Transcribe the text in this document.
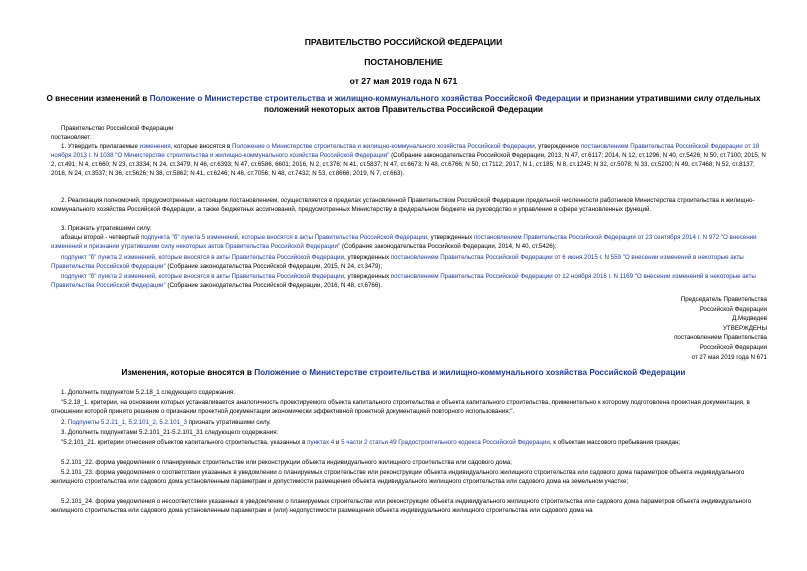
ПРАВИТЕЛЬСТВО РОССИЙСКОЙ ФЕДЕРАЦИИ
ПОСТАНОВЛЕНИЕ
от 27 мая 2019 года N 671
О внесении изменений в Положение о Министерстве строительства и жилищно-коммунального хозяйства Российской Федерации и признании утратившими силу отдельных положений некоторых актов Правительства Российской Федерации
Правительство Российской Федерации
постановляет:
1. Утвердить прилагаемые изменения, которые вносятся в Положение о Министерстве строительства и жилищно-коммунального хозяйства Российской Федерации, утвержденное постановлением Правительства Российской Федерации от 18 ноября 2013 г. N 1038 "О Министерстве строительства и жилищно-коммунального хозяйства Российской Федерации" (Собрание законодательства Российской Федерации, 2013, N 47, ст.6117; 2014, N 12, ст.1296; N 40, ст.5426; N 50, ст.7100; 2015, N 2, ст.491; N 4, ст.660; N 23, ст.3334; N 24, ст.3479; N 46, ст.6393; N 47, ст.6586, 6601; 2016, N 2, ст.376; N 41, ст.5837; N 47, ст.6673; N 48, ст.6766; N 50, ст.7112; 2017, N 1, ст.185; N 8, ст.1245; N 32, ст.5078; N 33, ст.5200; N 49, ст.7468; N 52, ст.8137; 2018, N 24, ст.3537; N 36, ст.5626; N 38, ст.5862; N 41, ст.6246; N 46, ст.7056; N 48, ст.7432; N 53, ст.8666; 2019, N 7, ст.663).
2. Реализация полномочий, предусмотренных настоящим постановлением, осуществляется в пределах установленной Правительством Российской Федерации предельной численности работников Министерства строительства и жилищно-коммунального хозяйства Российской Федерации, а также бюджетных ассигнований, предусмотренных Министерству в федеральном бюджете на руководство и управление в сфере установленных функций.
3. Признать утратившими силу:
абзацы второй - четвертый подпункта "б" пункта 5 изменений, которые вносятся в акты Правительства Российской Федерации, утвержденных постановлением Правительства Российской Федерации от 23 сентября 2014 г. N 972 "О внесении изменений и признании утратившими силу некоторых актов Правительства Российской Федерации" (Собрание законодательства Российской Федерации, 2014, N 40, ст.5426);
подпункт "б" пункта 2 изменений, которые вносятся в акты Правительства Российской Федерации, утвержденных постановлением Правительства Российской Федерации от 6 июня 2015 г. N 559 "О внесении изменений в некоторые акты Правительства Российской Федерации" (Собрание законодательства Российской Федерации, 2015, N 24, ст.3479);
подпункт "б" пункта 2 изменений, которые вносятся в акты Правительства Российской Федерации, утвержденных постановлением Правительства Российской Федерации от 12 ноября 2016 г. N 1169 "О внесении изменений в некоторые акты Правительства Российской Федерации" (Собрание законодательства Российской Федерации, 2016, N 48, ст.6766).
Председатель Правительства
Российской Федерации
Д.Медведев
УТВЕРЖДЕНЫ
постановлением Правительства
Российской Федерации
от 27 мая 2019 года N 671
Изменения, которые вносятся в Положение о Министерстве строительства и жилищно-коммунального хозяйства Российской Федерации
1. Дополнить подпунктом 5.2.18_1 следующего содержания:
"5.2.18_1. критерии, на основании которых устанавливается аналогичность проектируемого объекта капитального строительства и объекта капитального строительства, применительно к которому подготовлена проектная документация, в отношении которой принято решение о признании проектной документации экономически эффективной проектной документацией повторного использования;".
2. Подпункты 5.2.21_1, 5.2.101_2, 5.2.101_3 признать утратившими силу.
3. Дополнить подпунктами 5.2.101_21-5.2.101_31 следующего содержания:
"5.2.101_21. критерии отнесения объектов капитального строительства, указанных в пунктах 4 и 5 части 2 статьи 49 Градостроительного кодекса Российской Федерации, к объектам массового пребывания граждан;
5.2.101_22. форма уведомления о планируемых строительстве или реконструкции объекта индивидуального жилищного строительства или садового дома;
5.2.101_23. форма уведомления о соответствии указанных в уведомлении о планируемых строительстве или реконструкции объекта индивидуального жилищного строительства или садового дома параметров объекта индивидуального жилищного строительства или садового дома установленным параметрам и допустимости размещения объекта индивидуального жилищного строительства или садового дома на земельном участке;
5.2.101_24. форма уведомления о несоответствии указанных в уведомлении о планируемых строительстве или реконструкции объекта индивидуального жилищного строительства или садового дома параметров объекта индивидуального жилищного строительства или садового дома установленным параметрам и (или) недопустимости размещения объекта индивидуального жилищного строительства или садового дома на
